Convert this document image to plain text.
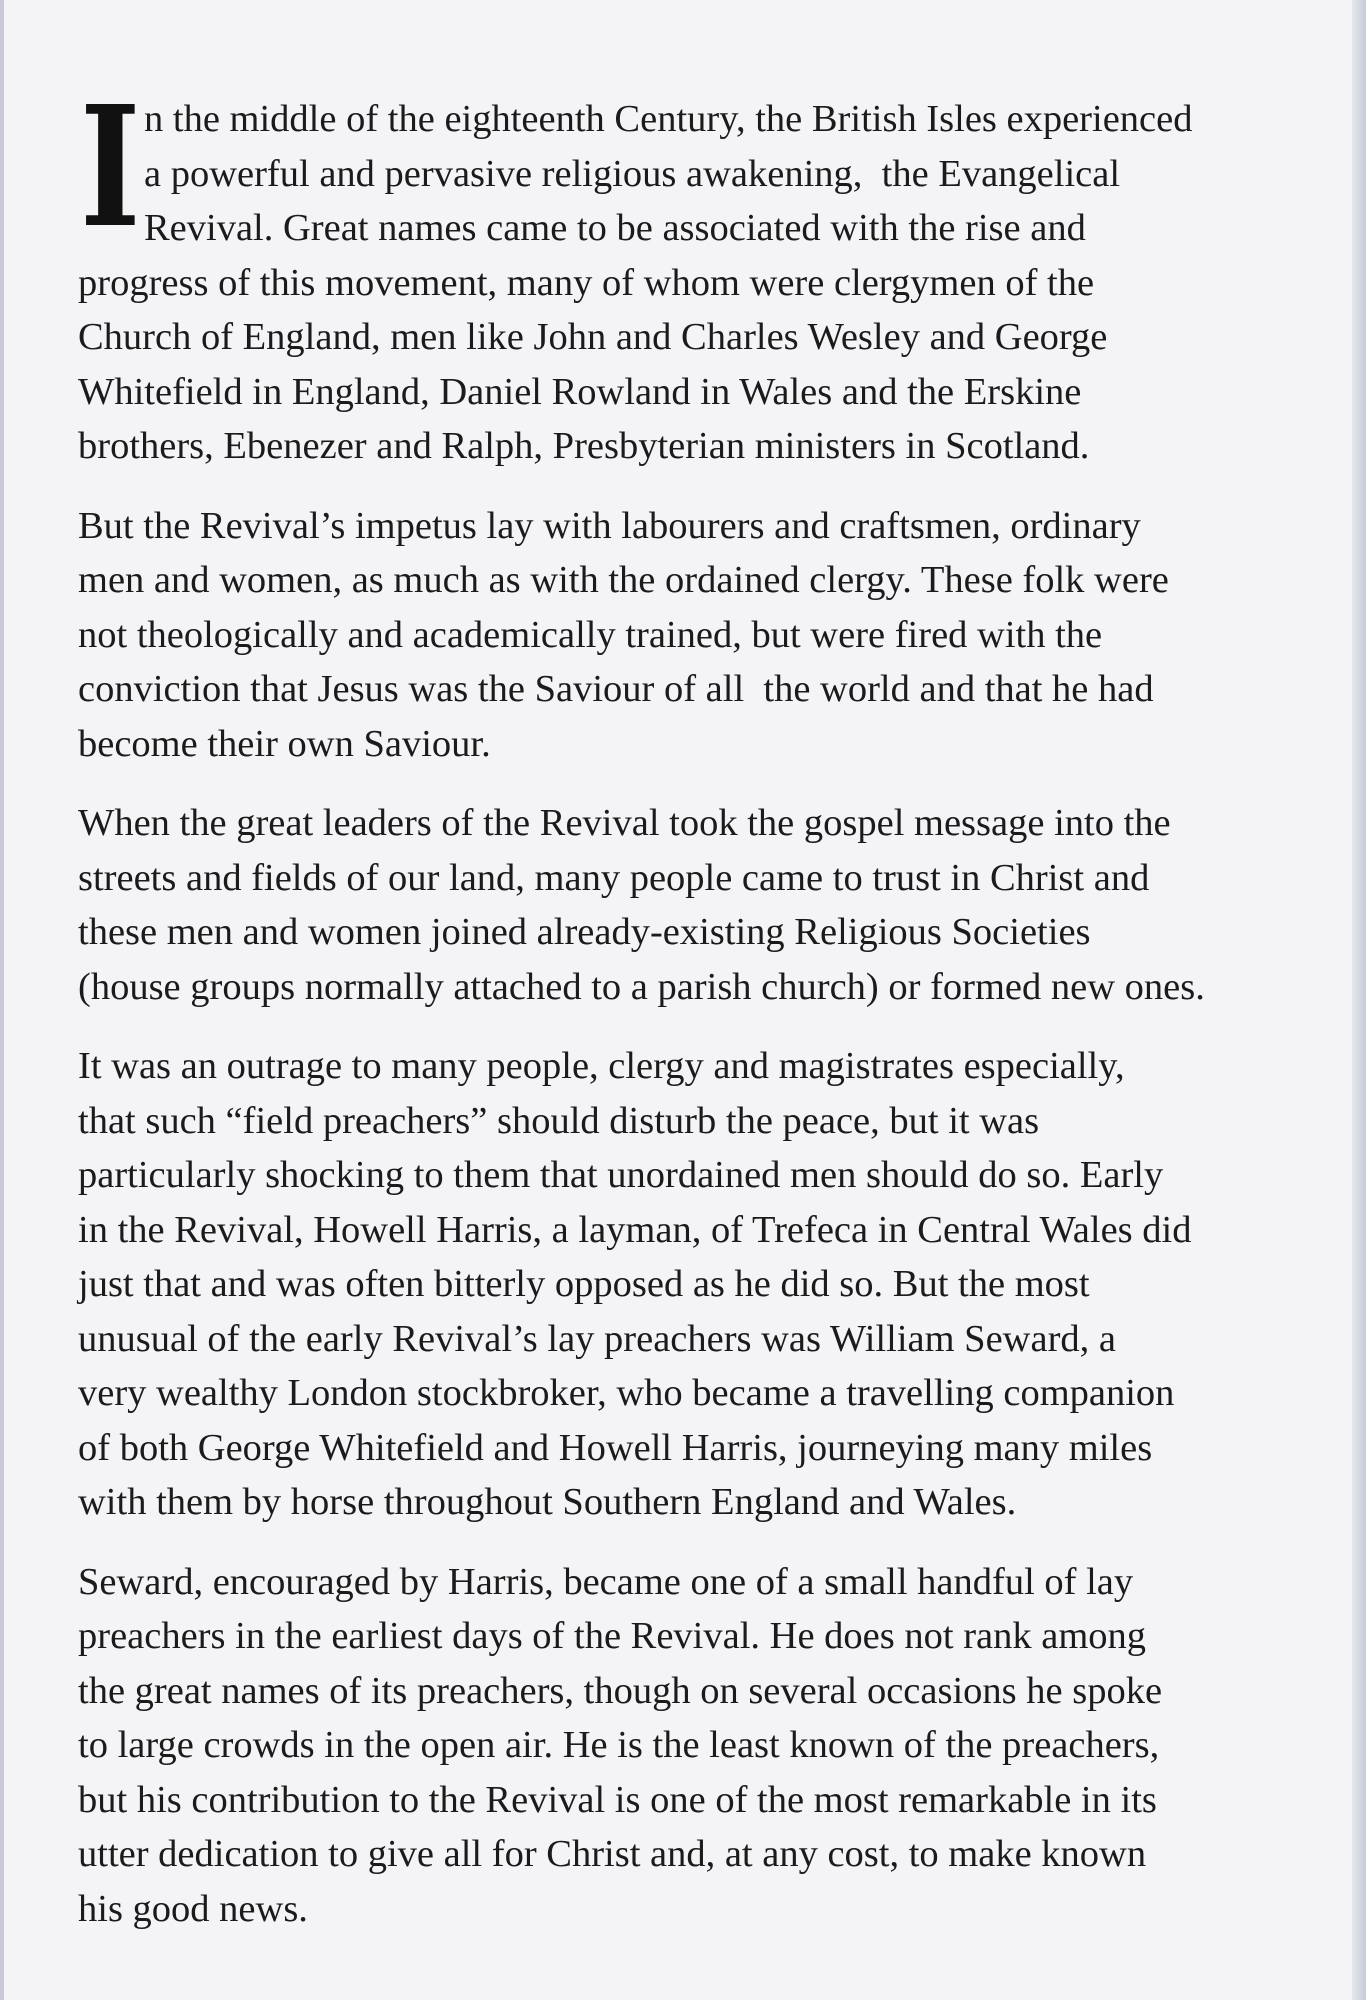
I n the middle of the eighteenth Century, the British Isles experienced
a powerful and pervasive religious awakening,  the Evangelical
Revival. Great names came to be associated with the rise and
progress of this movement, many of whom were clergymen of the
Church of England, men like John and Charles Wesley and George
Whitefield in England, Daniel Rowland in Wales and the Erskine
brothers, Ebenezer and Ralph, Presbyterian ministers in Scotland.
But the Revival’s impetus lay with labourers and craftsmen, ordinary
men and women, as much as with the ordained clergy. These folk were
not theologically and academically trained, but were fired with the
conviction that Jesus was the Saviour of all  the world and that he had
become their own Saviour.
When the great leaders of the Revival took the gospel message into the
streets and fields of our land, many people came to trust in Christ and
these men and women joined already-existing Religious Societies
(house groups normally attached to a parish church) or formed new ones.
It was an outrage to many people, clergy and magistrates especially,
that such “field preachers” should disturb the peace, but it was
particularly shocking to them that unordained men should do so. Early
in the Revival, Howell Harris, a layman, of Trefeca in Central Wales did
just that and was often bitterly opposed as he did so. But the most
unusual of the early Revival’s lay preachers was William Seward, a
very wealthy London stockbroker, who became a travelling companion
of both George Whitefield and Howell Harris, journeying many miles
with them by horse throughout Southern England and Wales.
Seward, encouraged by Harris, became one of a small handful of lay
preachers in the earliest days of the Revival. He does not rank among
the great names of its preachers, though on several occasions he spoke
to large crowds in the open air. He is the least known of the preachers,
but his contribution to the Revival is one of the most remarkable in its
utter dedication to give all for Christ and, at any cost, to make known
his good news.
